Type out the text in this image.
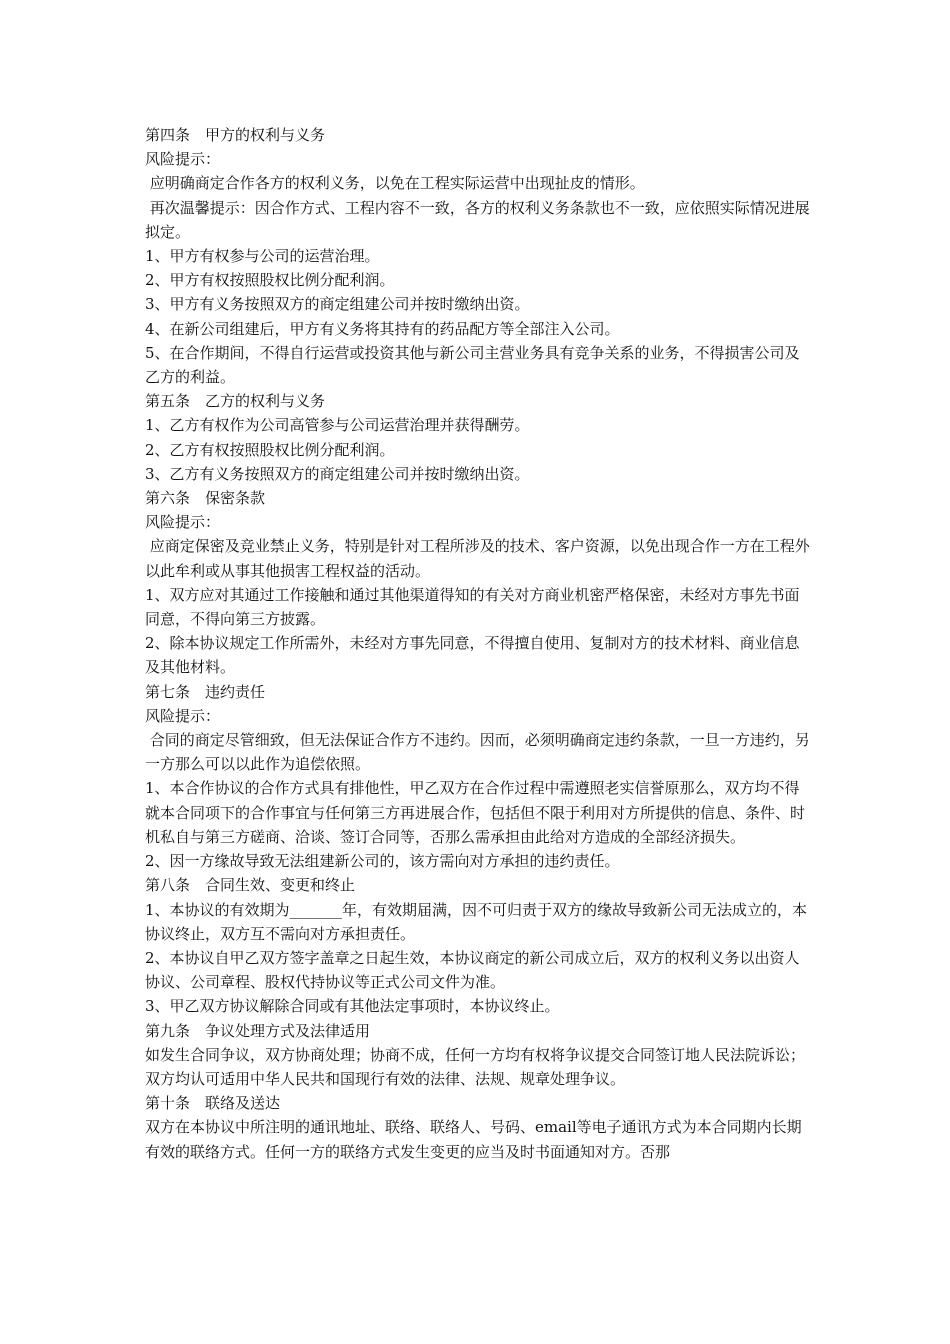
第四条　甲方的权利与义务
风险提示：
应明确商定合作各方的权利义务，以免在工程实际运营中出现扯皮的情形。
再次温馨提示：因合作方式、工程内容不一致，各方的权利义务条款也不一致，应依照实际情况进展拟定。
1、甲方有权参与公司的运营治理。
2、甲方有权按照股权比例分配利润。
3、甲方有义务按照双方的商定组建公司并按时缴纳出资。
4、在新公司组建后，甲方有义务将其持有的药品配方等全部注入公司。
5、在合作期间，不得自行运营或投资其他与新公司主营业务具有竞争关系的业务，不得损害公司及乙方的利益。
第五条　乙方的权利与义务
1、乙方有权作为公司高管参与公司运营治理并获得酬劳。
2、乙方有权按照股权比例分配利润。
3、乙方有义务按照双方的商定组建公司并按时缴纳出资。
第六条　保密条款
风险提示：
应商定保密及竞业禁止义务，特别是针对工程所涉及的技术、客户资源，以免出现合作一方在工程外以此牟利或从事其他损害工程权益的活动。
1、双方应对其通过工作接触和通过其他渠道得知的有关对方商业机密严格保密，未经对方事先书面同意，不得向第三方披露。
2、除本协议规定工作所需外，未经对方事先同意，不得擅自使用、复制对方的技术材料、商业信息及其他材料。
第七条　违约责任
风险提示：
合同的商定尽管细致，但无法保证合作方不违约。因而，必须明确商定违约条款，一旦一方违约，另一方那么可以以此作为追偿依照。
1、本合作协议的合作方式具有排他性，甲乙双方在合作过程中需遵照老实信誉原那么，双方均不得就本合同项下的合作事宜与任何第三方再进展合作，包括但不限于利用对方所提供的信息、条件、时机私自与第三方磋商、洽谈、签订合同等，否那么需承担由此给对方造成的全部经济损失。
2、因一方缘故导致无法组建新公司的，该方需向对方承担的违约责任。
第八条　合同生效、变更和终止
1、本协议的有效期为_______年，有效期届满，因不可归责于双方的缘故导致新公司无法成立的，本协议终止，双方互不需向对方承担责任。
2、本协议自甲乙双方签字盖章之日起生效，本协议商定的新公司成立后，双方的权利义务以出资人协议、公司章程、股权代持协议等正式公司文件为准。
3、甲乙双方协议解除合同或有其他法定事项时，本协议终止。
第九条　争议处理方式及法律适用
如发生合同争议，双方协商处理；协商不成，任何一方均有权将争议提交合同签订地人民法院诉讼；双方均认可适用中华人民共和国现行有效的法律、法规、规章处理争议。
第十条　联络及送达
双方在本协议中所注明的通讯地址、联络、联络人、号码、email等电子通讯方式为本合同期内长期有效的联络方式。任何一方的联络方式发生变更的应当及时书面通知对方。否那
